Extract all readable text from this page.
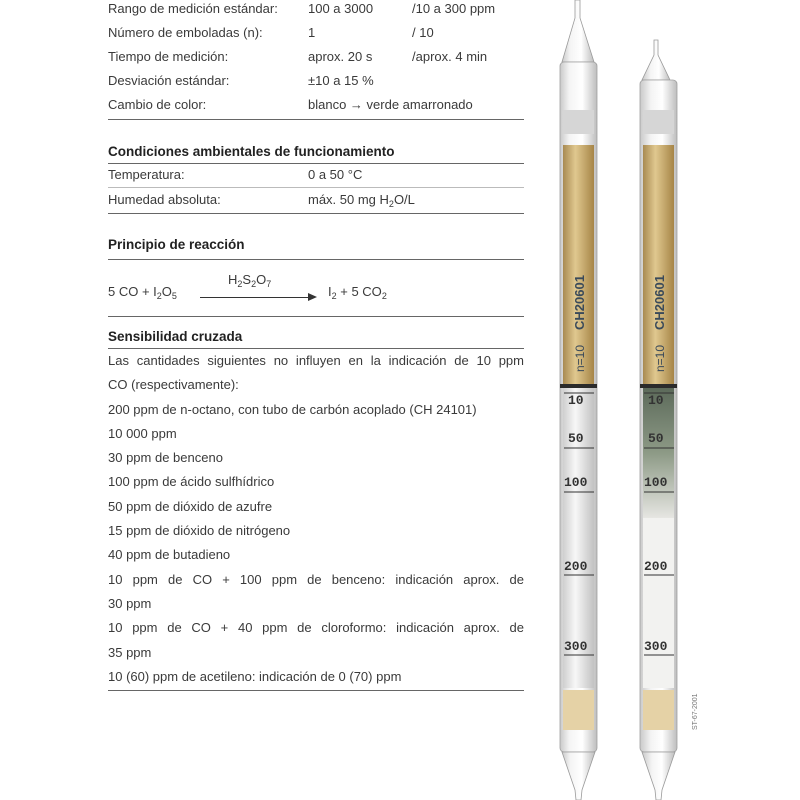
Rango de medición estándar: 100 a 3000	/10 a 300 ppm
Número de emboladas (n):	1	/ 10
Tiempo de medición:	aprox. 20 s	/aprox. 4 min
Desviación estándar:	±10 a 15 %
Cambio de color:	blanco → verde amarronado
Condiciones ambientales de funcionamiento
Temperatura:	0 a 50 °C
Humedad absoluta:	máx. 50 mg $H_2O/L$
Principio de reacción
5 CO + $I_2O_5$
$H_2S_2O_7$	$I_2 + 5$ $CO_2$
Sensibilidad cruzada
Las cantidades siguientes no influyen en la indicación de 10 ppm
CO (respectivamente):
200 ppm de n-octano, con tubo de carbón acoplado (CH 24101)
10 000 ppm
30 ppm de benceno
100 ppm de ácido sulfhídrico
50 ppm de dióxido de azufre
15 ppm de dióxido de nitrógeno
40 ppm de butadieno
10 ppm de CO + 100 ppm de benceno: indicación aprox. de
30 ppm
10 ppm de CO + 40 ppm de cloroformo: indicación aprox. de
35 ppm
10 (60) ppm de acetileno: indicación de 0 (70) ppm
CH20601
n=10
10
50
100
200
300
CH20601
n=10
10
50
100
200
300
ST-67-2001
